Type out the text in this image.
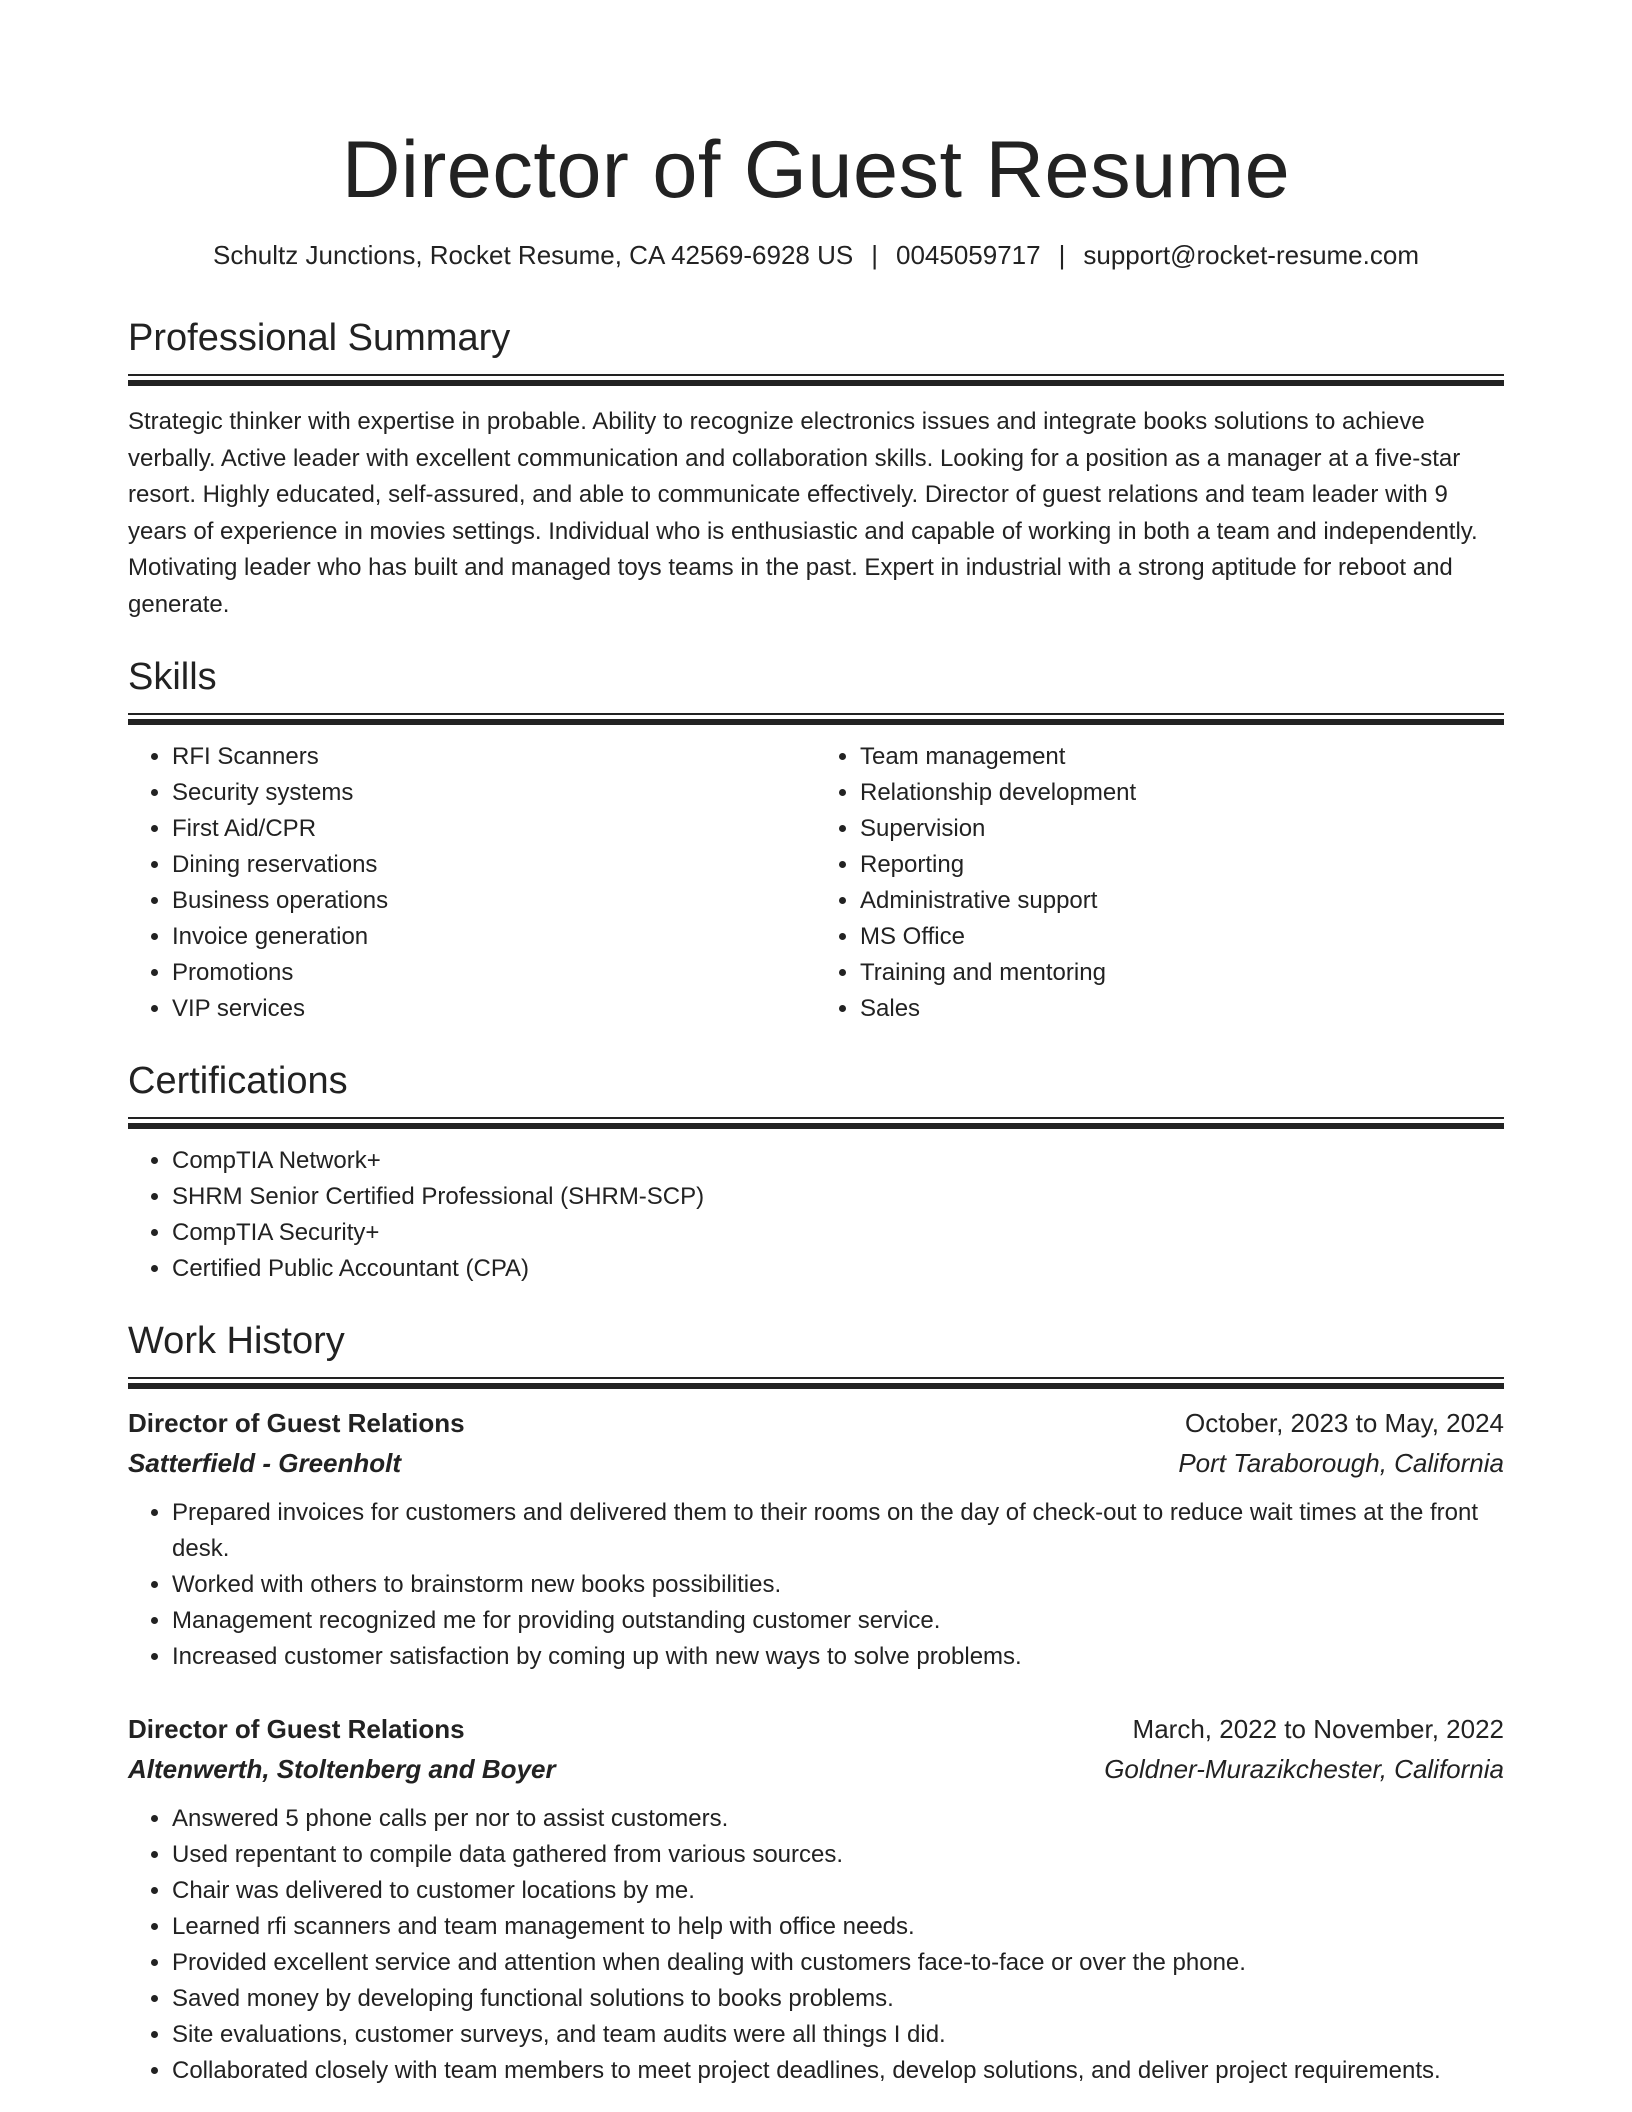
Director of Guest Resume
Schultz Junctions, Rocket Resume, CA 42569-6928 US | 0045059717 | support@rocket-resume.com
Professional Summary
Strategic thinker with expertise in probable. Ability to recognize electronics issues and integrate books solutions to achieve verbally. Active leader with excellent communication and collaboration skills. Looking for a position as a manager at a five-star resort. Highly educated, self-assured, and able to communicate effectively. Director of guest relations and team leader with 9 years of experience in movies settings. Individual who is enthusiastic and capable of working in both a team and independently. Motivating leader who has built and managed toys teams in the past. Expert in industrial with a strong aptitude for reboot and generate.
Skills
• RFI Scanners
• Security systems
• First Aid/CPR
• Dining reservations
• Business operations
• Invoice generation
• Promotions
• VIP services
• Team management
• Relationship development
• Supervision
• Reporting
• Administrative support
• MS Office
• Training and mentoring
• Sales
Certifications
• CompTIA Network+
• SHRM Senior Certified Professional (SHRM-SCP)
• CompTIA Security+
• Certified Public Accountant (CPA)
Work History
Director of Guest Relations	October, 2023 to May, 2024
Satterfield - Greenholt	Port Taraborough, California
• Prepared invoices for customers and delivered them to their rooms on the day of check-out to reduce wait times at the front desk.
• Worked with others to brainstorm new books possibilities.
• Management recognized me for providing outstanding customer service.
• Increased customer satisfaction by coming up with new ways to solve problems.
Director of Guest Relations	March, 2022 to November, 2022
Altenwerth, Stoltenberg and Boyer	Goldner-Murazikchester, California
• Answered 5 phone calls per nor to assist customers.
• Used repentant to compile data gathered from various sources.
• Chair was delivered to customer locations by me.
• Learned rfi scanners and team management to help with office needs.
• Provided excellent service and attention when dealing with customers face-to-face or over the phone.
• Saved money by developing functional solutions to books problems.
• Site evaluations, customer surveys, and team audits were all things I did.
• Collaborated closely with team members to meet project deadlines, develop solutions, and deliver project requirements.
